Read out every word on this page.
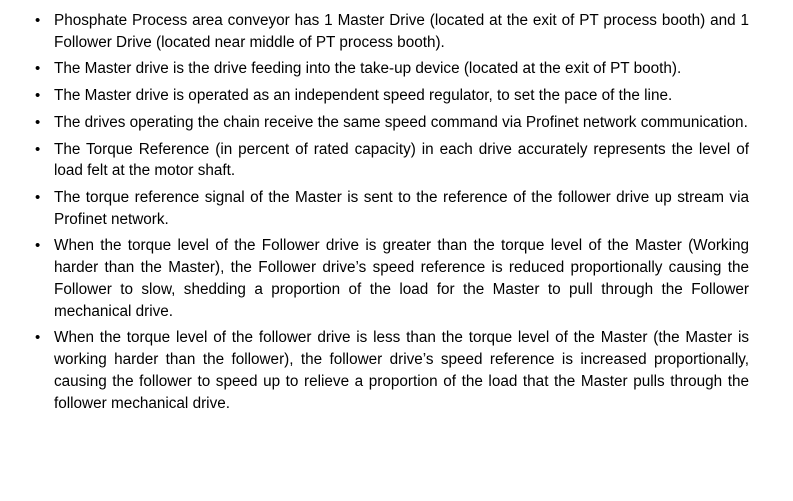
• Phosphate Process area conveyor has 1 Master Drive (located at the exit of PT process booth) and 1 Follower Drive (located near middle of PT process booth).
• The Master drive is the drive feeding into the take-up device (located at the exit of PT booth).
• The Master drive is operated as an independent speed regulator, to set the pace of the line.
• The drives operating the chain receive the same speed command via Profinet network communication.
• The Torque Reference (in percent of rated capacity) in each drive accurately represents the level of load felt at the motor shaft.
• The torque reference signal of the Master is sent to the reference of the follower drive up stream via Profinet network.
• When the torque level of the Follower drive is greater than the torque level of the Master (Working harder than the Master), the Follower drive’s speed reference is reduced proportionally causing the Follower to slow, shedding a proportion of the load for the Master to pull through the Follower mechanical drive.
• When the torque level of the follower drive is less than the torque level of the Master (the Master is working harder than the follower), the follower drive’s speed reference is increased proportionally, causing the follower to speed up to relieve a proportion of the load that the Master pulls through the follower mechanical drive.
